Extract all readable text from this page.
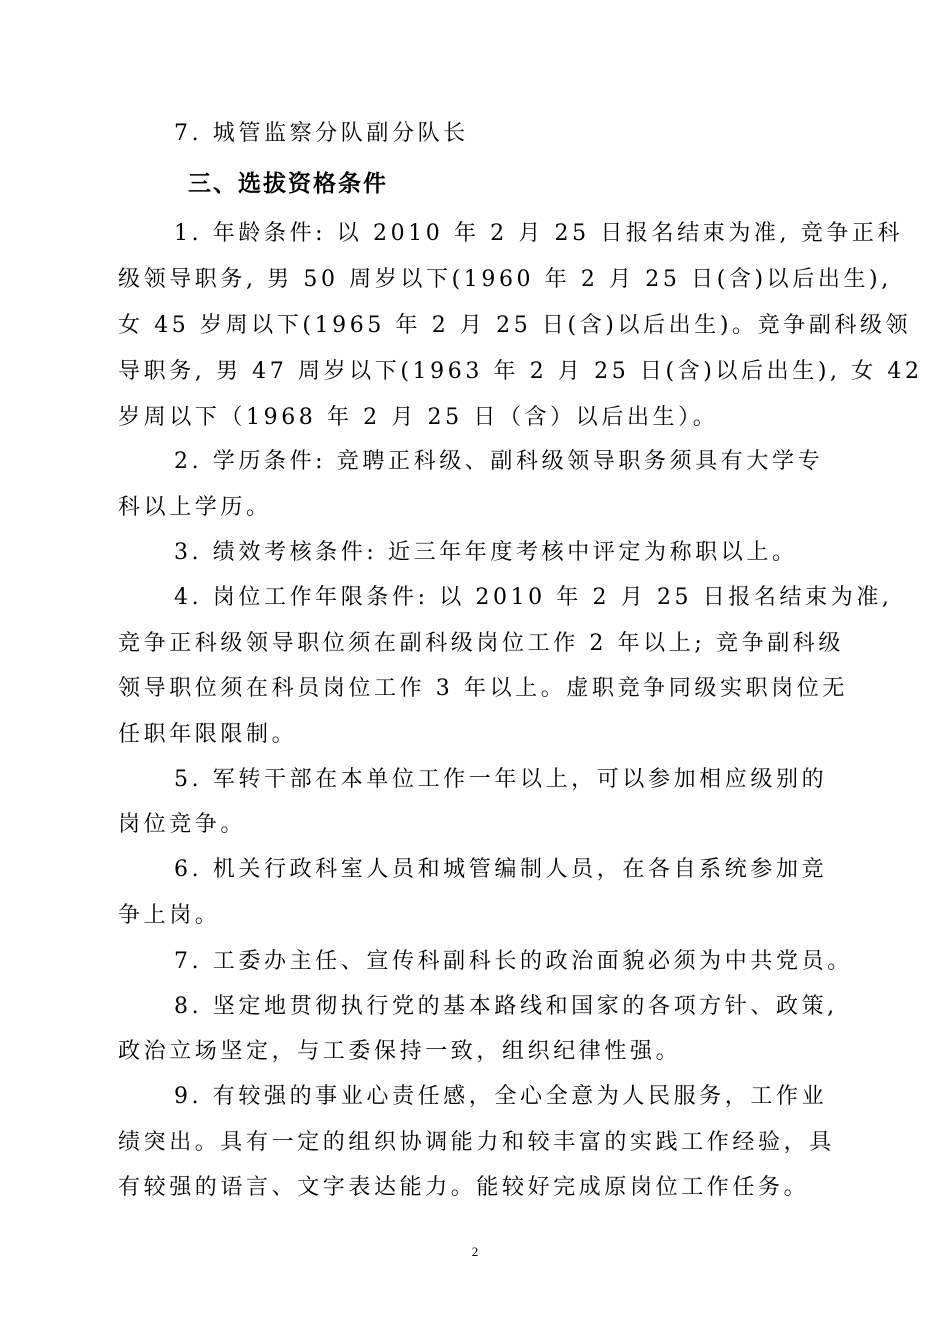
7. 城管监察分队副分队长
三、选拔资格条件
1. 年龄条件: 以 2010 年 2 月 25 日报名结束为准, 竞争正科
级领导职务, 男 50 周岁以下(1960 年 2 月 25 日(含)以后出生),
女 45 岁周以下(1965 年 2 月 25 日(含)以后出生)。竞争副科级领
导职务, 男 47 周岁以下(1963 年 2 月 25 日(含)以后出生), 女 42
岁周以下（1968 年 2 月 25 日（含）以后出生）。
2. 学历条件: 竞聘正科级、副科级领导职务须具有大学专
科以上学历。
3. 绩效考核条件: 近三年年度考核中评定为称职以上。
4. 岗位工作年限条件: 以 2010 年 2 月 25 日报名结束为准,
竞争正科级领导职位须在副科级岗位工作 2 年以上; 竞争副科级
领导职位须在科员岗位工作 3 年以上。虚职竞争同级实职岗位无
任职年限限制。
5. 军转干部在本单位工作一年以上，可以参加相应级别的
岗位竞争。
6. 机关行政科室人员和城管编制人员，在各自系统参加竞
争上岗。
7. 工委办主任、宣传科副科长的政治面貌必须为中共党员。
8. 坚定地贯彻执行党的基本路线和国家的各项方针、政策,
政治立场坚定，与工委保持一致，组织纪律性强。
9. 有较强的事业心责任感，全心全意为人民服务，工作业
绩突出。具有一定的组织协调能力和较丰富的实践工作经验，具
有较强的语言、文字表达能力。能较好完成原岗位工作任务。
2
